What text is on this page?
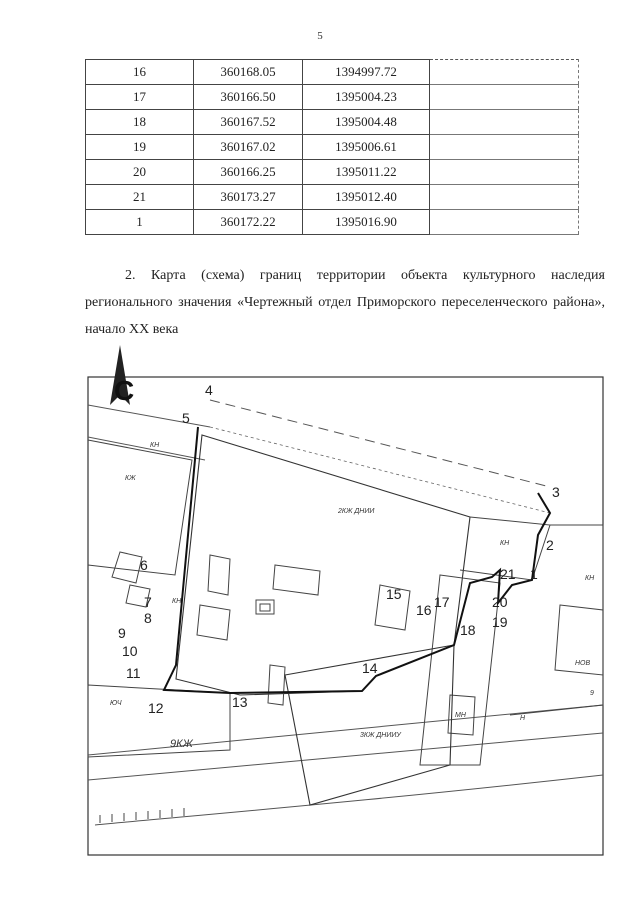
5
16	360168.05	1394997.72	
17	360166.50	1395004.23	
18	360167.52	1395004.48	
19	360167.02	1395006.61	
20	360166.25	1395011.22	
21	360173.27	1395012.40	
1	360172.22	1395016.90	

2. Карта (схема) границ территории объекта культурного наследия регионального значения «Чертежный отдел Приморского переселенческого района», начало XX века

С
КН
КЖ
2КЖ ДНИИ
КН
КН
КН
ЮЧ
9КЖ
3КЖ ДНИИУ
МН	Н
НОВ
9
1
2
3
4
5
6
7
8
9
10
11
12	13
14
15
16 17
18 19
20
21
